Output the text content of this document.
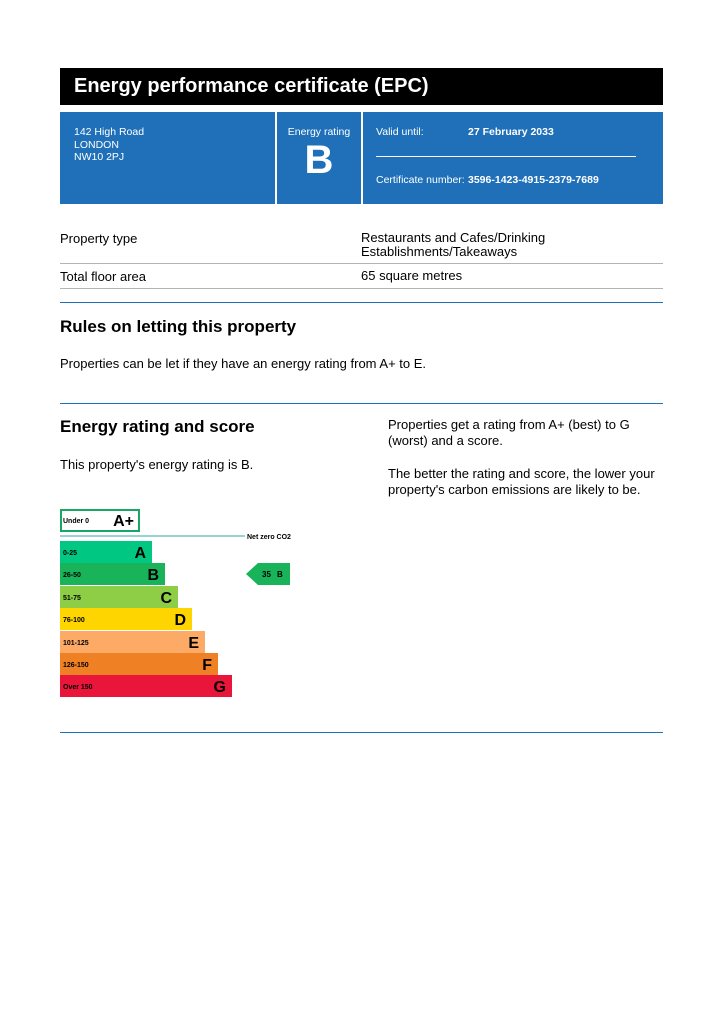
Energy performance certificate (EPC)
142 High Road
LONDON
NW10 2PJ
Energy rating
B
Valid until:	27 February 2033
Certificate number: 3596-1423-4915-2379-7689
Property type	Restaurants and Cafes/Drinking
Establishments/Takeaways
Total floor area	65 square metres
Rules on letting this property
Properties can be let if they have an energy rating from A+ to E.
Energy rating and score
This property's energy rating is B.
Properties get a rating from A+ (best) to G
(worst) and a score.
The better the rating and score, the lower your
property's carbon emissions are likely to be.
Under 0 A+
0-25	A
26-50	B
51-75	C
76-100	D
101-125	E
126-150	F
Over 150	G
Net zero CO2
35 B
